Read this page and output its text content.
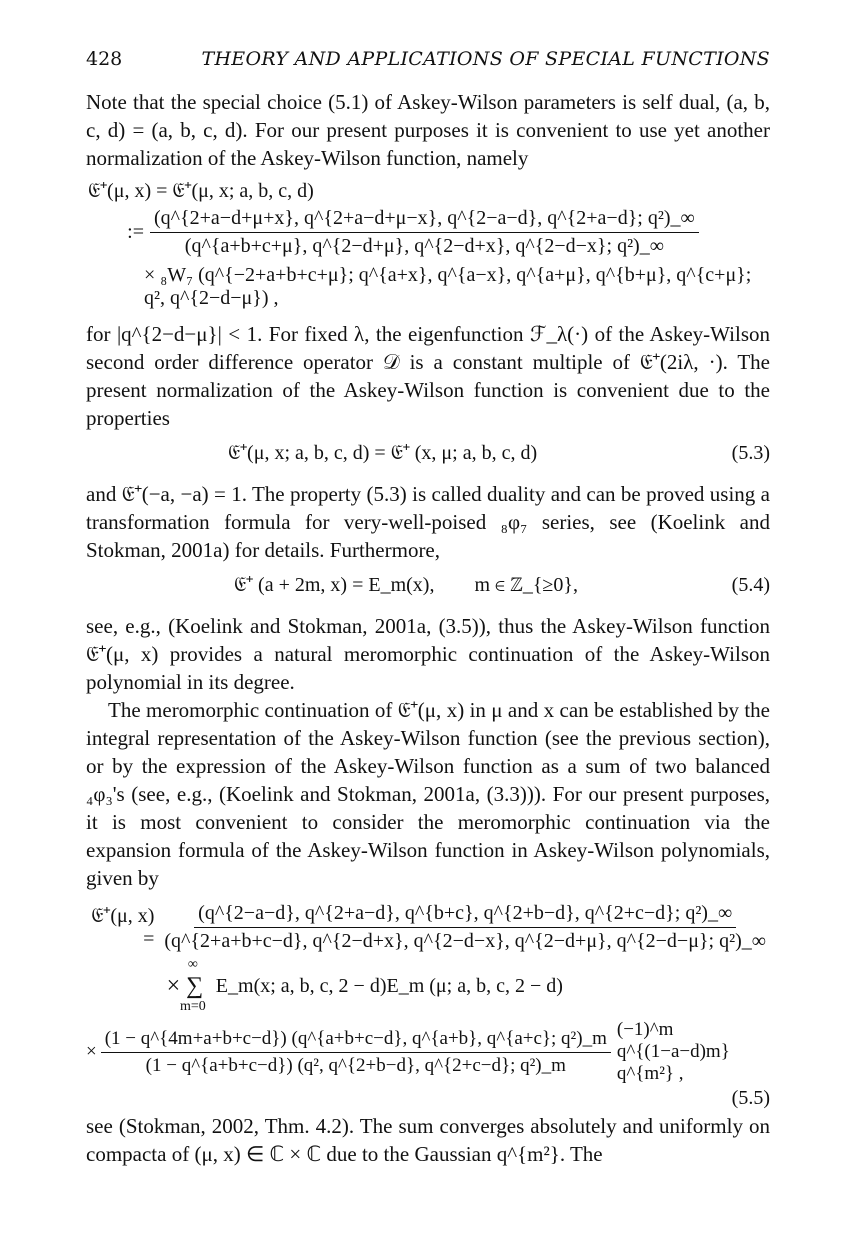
428	THEORY AND APPLICATIONS OF SPECIAL FUNCTIONS

Note that the special choice (5.1) of Askey-Wilson parameters is self dual, (a, b, c, d) = (a, b, c, d). For our present purposes it is convenient to use yet another normalization of the Askey-Wilson function, namely

𝔈⁺(μ, x) = 𝔈⁺(μ, x; a, b, c, d)
:= $\frac{\text{(q\textasciicircum{}\{2+a−d+μ+x\}, q\textasciicircum{}\{2+a−d+μ−x\}, q\textasciicircum{}\{2−a−d\}, q\textasciicircum{}\{2+a−d\}; q²)\_∞}}{\text{(q\textasciicircum{}\{a+b+c+μ\}, q\textasciicircum{}\{2−d+μ\}, q\textasciicircum{}\{2−d+x\}, q\textasciicircum{}\{2−d−x\}; q²)\_∞}}$
× ₈W₇ (q^{−2+a+b+c+μ}; q^{a+x}, q^{a−x}, q^{a+μ}, q^{b+μ}, q^{c+μ}; q², q^{2−d−μ}) ,

for |q^{2−d−μ}| < 1. For fixed λ, the eigenfunction ℱ_λ(·) of the Askey-Wilson second order difference operator 𝒟 is a constant multiple of 𝔈⁺(2iλ, ·). The present normalization of the Askey-Wilson function is convenient due to the properties

𝔈⁺(μ, x; a, b, c, d) = 𝔈⁺ (x, μ; a, b, c, d)	(5.3)

and 𝔈⁺(−a, −a) = 1. The property (5.3) is called duality and can be proved using a transformation formula for very-well-poised ₈φ₇ series, see (Koelink and Stokman, 2001a) for details. Furthermore,

𝔈⁺ (a + 2m, x) = E_m(x),        m ∈ ℤ_{≥0},	(5.4)

see, e.g., (Koelink and Stokman, 2001a, (3.5)), thus the Askey-Wilson function 𝔈⁺(μ, x) provides a natural meromorphic continuation of the Askey-Wilson polynomial in its degree.

The meromorphic continuation of 𝔈⁺(μ, x) in μ and x can be established by the integral representation of the Askey-Wilson function (see the previous section), or by the expression of the Askey-Wilson function as a sum of two balanced ₄φ₃'s (see, e.g., (Koelink and Stokman, 2001a, (3.3))). For our present purposes, it is most convenient to consider the meromorphic continuation via the expansion formula of the Askey-Wilson function in Askey-Wilson polynomials, given by

𝔈⁺(μ, x) =
(q^{2−a−d}, q^{2+a−d}, q^{b+c}, q^{2+b−d}, q^{2+c−d}; q²)_∞
(q^{2+a+b+c−d}, q^{2−d+x}, q^{2−d−x}, q^{2−d+μ}, q^{2−d−μ}; q²)_∞
∞
× ∑
m=0
E_m(x; a, b, c, 2 − d)E_m (μ; a, b, c, 2 − d)
× $\frac{\text{(1 − q\textasciicircum{}\{4m+a+b+c−d\}) (q\textasciicircum{}\{a+b+c−d\}, q\textasciicircum{}\{a+b\}, q\textasciicircum{}\{a+c\}; q²)\_m}}{\text{(1 − q\textasciicircum{}\{a+b+c−d\}) (q², q\textasciicircum{}\{2+b−d\}, q\textasciicircum{}\{2+c−d\}; q²)\_m}}$ (−1)^m q^{(1−a−d)m} q^{m²} ,
(5.5)

see (Stokman, 2002, Thm. 4.2). The sum converges absolutely and uniformly on compacta of (μ, x) ∈ ℂ × ℂ due to the Gaussian q^{m²}. The
